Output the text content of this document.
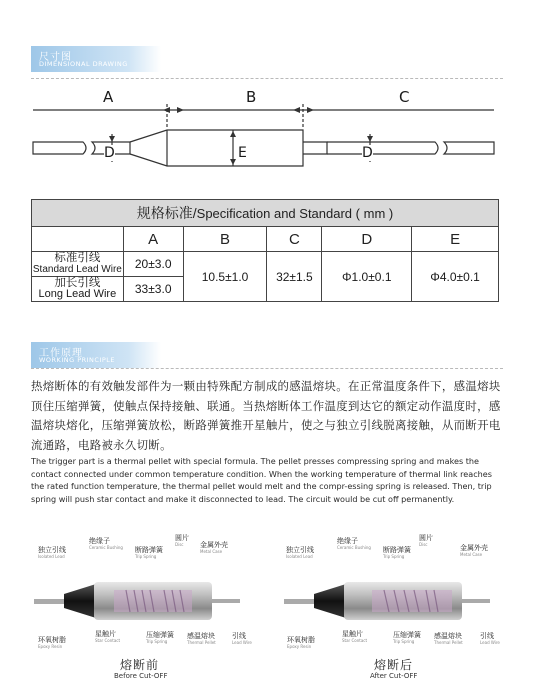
尺寸图
DIMENSIONAL DRAWING
A	B	C
D	E	D
规格标准/Specification and Standard ( mm )					
	A	B	C	D	E

标准引线
Standard Lead Wire	20±3.0	10.5±1.0	32±1.5	Φ1.0±0.1	Φ4.0±0.1

加长引线
Long Lead Wire	33±3.0				
工作原理
WORKING PRINCIPLE
热熔断体的有效触发部件为一颗由特殊配方制成的感温熔块。在正常温度条件下，感温熔块顶住压缩弹簧，使触点保持接触、联通。当热熔断体工作温度到达它的额定动作温度时，感温熔块熔化，压缩弹簧放松，断路弹簧推开星触片，使之与独立引线脱离接触，从而断开电流通路，电路被永久切断。
The trigger part is a thermal pellet with special formula. The pellet presses compressing spring and makes the contact connected under common temperature condition. When the working temperature of thermal link reaches the rated function temperature, the thermal pellet would melt and the compr-essing spring is released. Then, trip spring will push star contact and make it disconnected to lead. The circuit would be cut off permanently.
独立引线
Isolated Lead
绝缘子
Ceramic Bushing 断路弹簧
Trip Spring
圆片
Disc	金属外壳
Metal Case
环氧树脂
Epoxy Resin
星触片
Star Contact
压缩弹簧
Trip Spring
感温熔块
Thermal Pellet
引线
Lead Wire
熔断前
Before Cut-OFF
独立引线
Isolated Lead
绝缘子
Ceramic Bushing 断路弹簧
Trip Spring
圆片
Disc	金属外壳
Metal Case
环氧树脂
Epoxy Resin
星触片
Star Contact
压缩弹簧
Trip Spring
感温熔块
Thermal Pellet
引线
Lead Wire
熔断后
After Cut-OFF
